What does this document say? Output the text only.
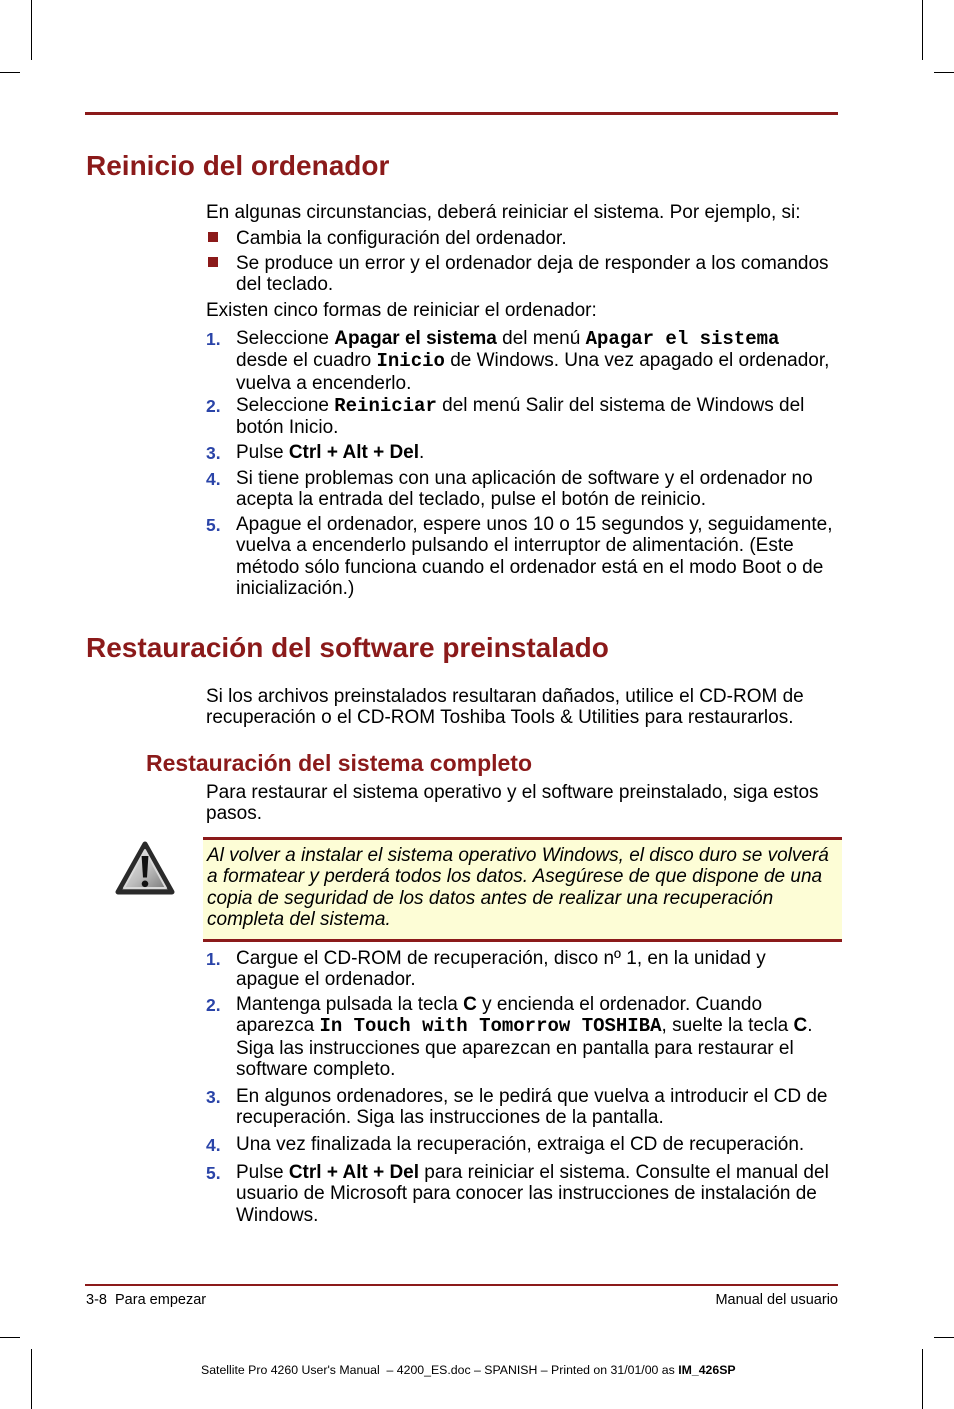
Reinicio del ordenador

En algunas circunstancias, deberá reiniciar el sistema. Por ejemplo, si:

Cambia la configuración del ordenador.
Se produce un error y el ordenador deja de responder a los comandos
del teclado.

Existen cinco formas de reiniciar el ordenador:

1. Seleccione Apagar el sistema del menú Apagar el sistema
desde el cuadro Inicio de Windows. Una vez apagado el ordenador,
vuelva a encenderlo.
2. Seleccione Reiniciar del menú Salir del sistema de Windows del
botón Inicio.
3. Pulse Ctrl + Alt + Del.
4. Si tiene problemas con una aplicación de software y el ordenador no
acepta la entrada del teclado, pulse el botón de reinicio.
5. Apague el ordenador, espere unos 10 o 15 segundos y, seguidamente,
vuelva a encenderlo pulsando el interruptor de alimentación. (Este
método sólo funciona cuando el ordenador está en el modo Boot o de
inicialización.)
Restauración del software preinstalado

Si los archivos preinstalados resultaran dañados, utilice el CD-ROM de
recuperación o el CD-ROM Toshiba Tools & Utilities para restaurarlos.

Restauración del sistema completo

Para restaurar el sistema operativo y el software preinstalado, siga estos
pasos.

Al volver a instalar el sistema operativo Windows, el disco duro se volverá
a formatear y perderá todos los datos. Asegúrese de que dispone de una
copia de seguridad de los datos antes de realizar una recuperación
completa del sistema.
1. Cargue el CD-ROM de recuperación, disco nº 1, en la unidad y
apague el ordenador.
2. Mantenga pulsada la tecla C y encienda el ordenador. Cuando
aparezca In Touch with Tomorrow TOSHIBA, suelte la tecla C.
Siga las instrucciones que aparezcan en pantalla para restaurar el
software completo.
3. En algunos ordenadores, se le pedirá que vuelva a introducir el CD de
recuperación. Siga las instrucciones de la pantalla.
4. Una vez finalizada la recuperación, extraiga el CD de recuperación.
5. Pulse Ctrl + Alt + Del para reiniciar el sistema. Consulte el manual del
usuario de Microsoft para conocer las instrucciones de instalación de
Windows.
3-8  Para empezar	Manual del usuario
Satellite Pro 4260 User's Manual  – 4200_ES.doc – SPANISH – Printed on 31/01/00 as IM_426SP
